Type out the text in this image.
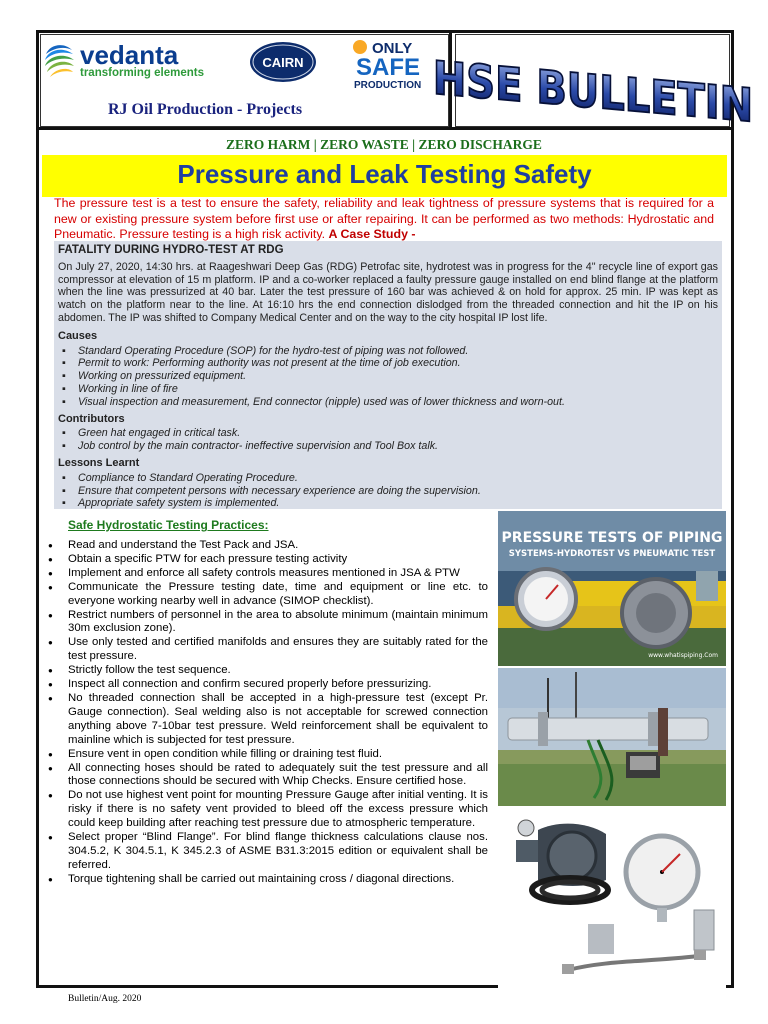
vedanta
transforming elements
CAIRN
ONLY
SAFE
PRODUCTION
RJ Oil Production - Projects	HSE BULLETIN
ZERO HARM | ZERO WASTE | ZERO DISCHARGE
Pressure and Leak Testing Safety
The pressure test is a test to ensure the safety, reliability and leak tightness of pressure systems that is required for a new or existing pressure system before first use or after repairing. It can be performed as two methods: Hydrostatic and Pneumatic. Pressure testing is a high risk activity. A Case Study -
FATALITY DURING HYDRO-TEST AT RDG

On July 27, 2020, 14:30 hrs. at Raageshwari Deep Gas (RDG) Petrofac site, hydrotest was in progress for the 4" recycle line of export gas compressor at elevation of 15 m platform. IP and a co-worker replaced a faulty pressure gauge installed on end blind flange at the platform when the line was pressurized at 40 bar. Later the test pressure of 160 bar was achieved & on hold for approx. 25 min. IP was kept as watch on the platform near to the line. At 16:10 hrs the end connection dislodged from the threaded connection and hit the IP on his abdomen. The IP was shifted to Company Medical Center and on the way to the city hospital IP lost life.

Causes
▪ Standard Operating Procedure (SOP) for the hydro-test of piping was not followed.
▪ Permit to work: Performing authority was not present at the time of job execution.
▪ Working on pressurized equipment.
▪ Working in line of fire
▪ Visual inspection and measurement, End connector (nipple) used was of lower thickness and worn-out.
Contributors
▪ Green hat engaged in critical task.
▪ Job control by the main contractor- ineffective supervision and Tool Box talk.
Lessons Learnt
▪ Compliance to Standard Operating Procedure.
▪ Ensure that competent persons with necessary experience are doing the supervision.
▪ Appropriate safety system is implemented.
Safe Hydrostatic Testing Practices:
● Read and understand the Test Pack and JSA.
● Obtain a specific PTW for each pressure testing activity
● Implement and enforce all safety controls measures mentioned in JSA & PTW
● Communicate the Pressure testing date, time and equipment or line etc. to everyone working nearby well in advance (SIMOP checklist).
● Restrict numbers of personnel in the area to absolute minimum (maintain minimum 30m exclusion zone).
● Use only tested and certified manifolds and ensures they are suitably rated for the test pressure.
● Strictly follow the test sequence.
● Inspect all connection and confirm secured properly before pressurizing.
● No threaded connection shall be accepted in a high-pressure test (except Pr. Gauge connection). Seal welding also is not acceptable for screwed connection anything above 7-10bar test pressure. Weld reinforcement shall be equivalent to mainline which is subjected for test pressure.
● Ensure vent in open condition while filling or draining test fluid.
● All connecting hoses should be rated to adequately suit the test pressure and all those connections should be secured with Whip Checks. Ensure certified hose.
● Do not use highest vent point for mounting Pressure Gauge after initial venting. It is risky if there is no safety vent provided to bleed off the excess pressure which could keep building after reaching test pressure due to atmospheric temperature.
● Select proper “Blind Flange”. For blind flange thickness calculations clause nos. 304.5.2, K 304.5.1, K 345.2.3 of ASME B31.3:2015 edition or equivalent shall be referred.
● Torque tightening shall be carried out maintaining cross / diagonal directions.
PRESSURE TESTS OF PIPING
SYSTEMS-HYDROTEST VS PNEUMATIC TEST
www.whatispiping.Com
Bulletin/Aug. 2020
